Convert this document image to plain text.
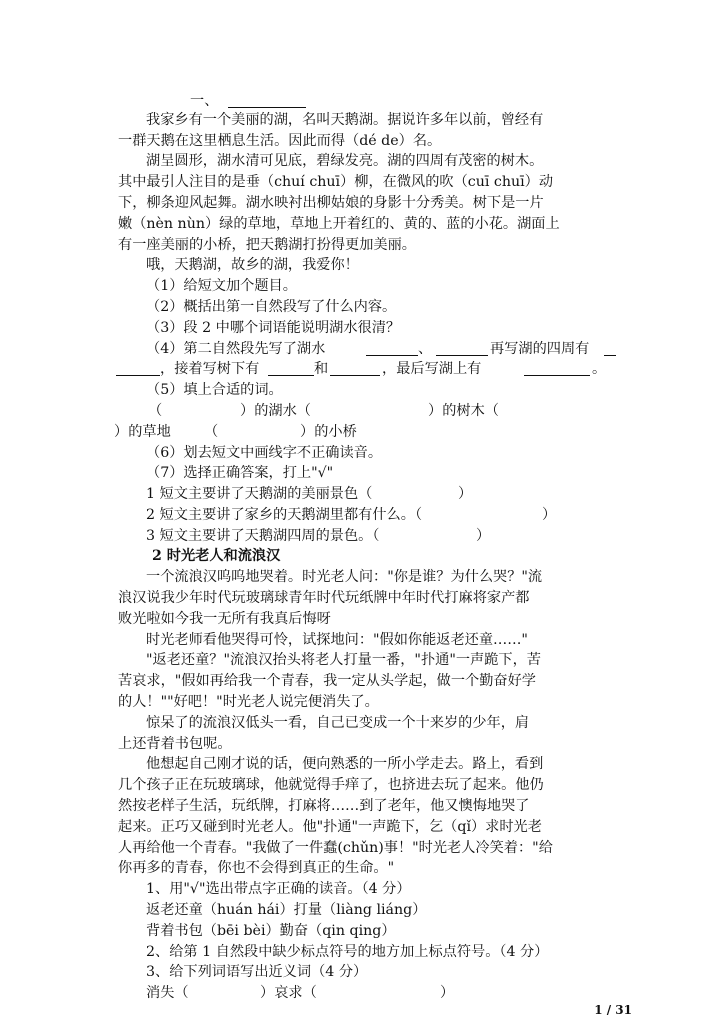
一、
我家乡有一个美丽的湖，名叫天鹅湖。据说许多年以前，曾经有
一群天鹅在这里栖息生活。因此而得（dé de）名。
湖呈圆形，湖水清可见底，碧绿发亮。湖的四周有茂密的树木。
其中最引人注目的是垂（chuí chuī）柳，在微风的吹（cuī chuī）动
下，柳条迎风起舞。湖水映衬出柳姑娘的身影十分秀美。树下是一片
嫩（nèn nùn）绿的草地，草地上开着红的、黄的、蓝的小花。湖面上
有一座美丽的小桥，把天鹅湖打扮得更加美丽。
哦，天鹅湖，故乡的湖，我爱你！
（1）给短文加个题目。
（2）概括出第一自然段写了什么内容。
（3）段 2 中哪个词语能说明湖水很清？
（4）第二自然段先写了湖水	、	再写湖的四周有
，接着写树下有	和	，最后写湖上有	。
（5）填上合适的词。
（	）的湖水（	）的树木（
）的草地 （	）的小桥
（6）划去短文中画线字不正确读音。
（7）选择正确答案，打上"√"
1 短文主要讲了天鹅湖的美丽景色（	）
2 短文主要讲了家乡的天鹅湖里都有什么。（	）
3 短文主要讲了天鹅湖四周的景色。（	）
2 时光老人和流浪汉
一个流浪汉呜呜地哭着。时光老人问："你是谁？为什么哭？"流
浪汉说我少年时代玩玻璃球青年时代玩纸牌中年时代打麻将家产都
败光啦如今我一无所有我真后悔呀
时光老师看他哭得可怜，试探地问："假如你能返老还童……"
"返老还童？"流浪汉抬头将老人打量一番，"扑通"一声跪下，苦
苦哀求，"假如再给我一个青春，我一定从头学起，做一个勤奋好学
的人！""好吧！"时光老人说完便消失了。
惊呆了的流浪汉低头一看，自己已变成一个十来岁的少年，肩
上还背着书包呢。
他想起自己刚才说的话，便向熟悉的一所小学走去。路上，看到
几个孩子正在玩玻璃球，他就觉得手痒了，也挤进去玩了起来。他仍
然按老样子生活，玩纸牌，打麻将……到了老年，他又懊悔地哭了
起来。正巧又碰到时光老人。他"扑通"一声跪下，乞（qǐ）求时光老
人再给他一个青春。"我做了一件蠢(chǔn)事！"时光老人冷笑着："给
你再多的青春，你也不会得到真正的生命。"
1、用"√"选出带点字正确的读音。（4 分）
返老还童（huán hái）打量（liàng liáng）
背着书包（bēi bèi）勤奋（qin qing）
2、给第 1 自然段中缺少标点符号的地方加上标点符号。（4 分）
1 / 31
3、给下列词语写出近义词（4 分）
消失（	）哀求（	）
